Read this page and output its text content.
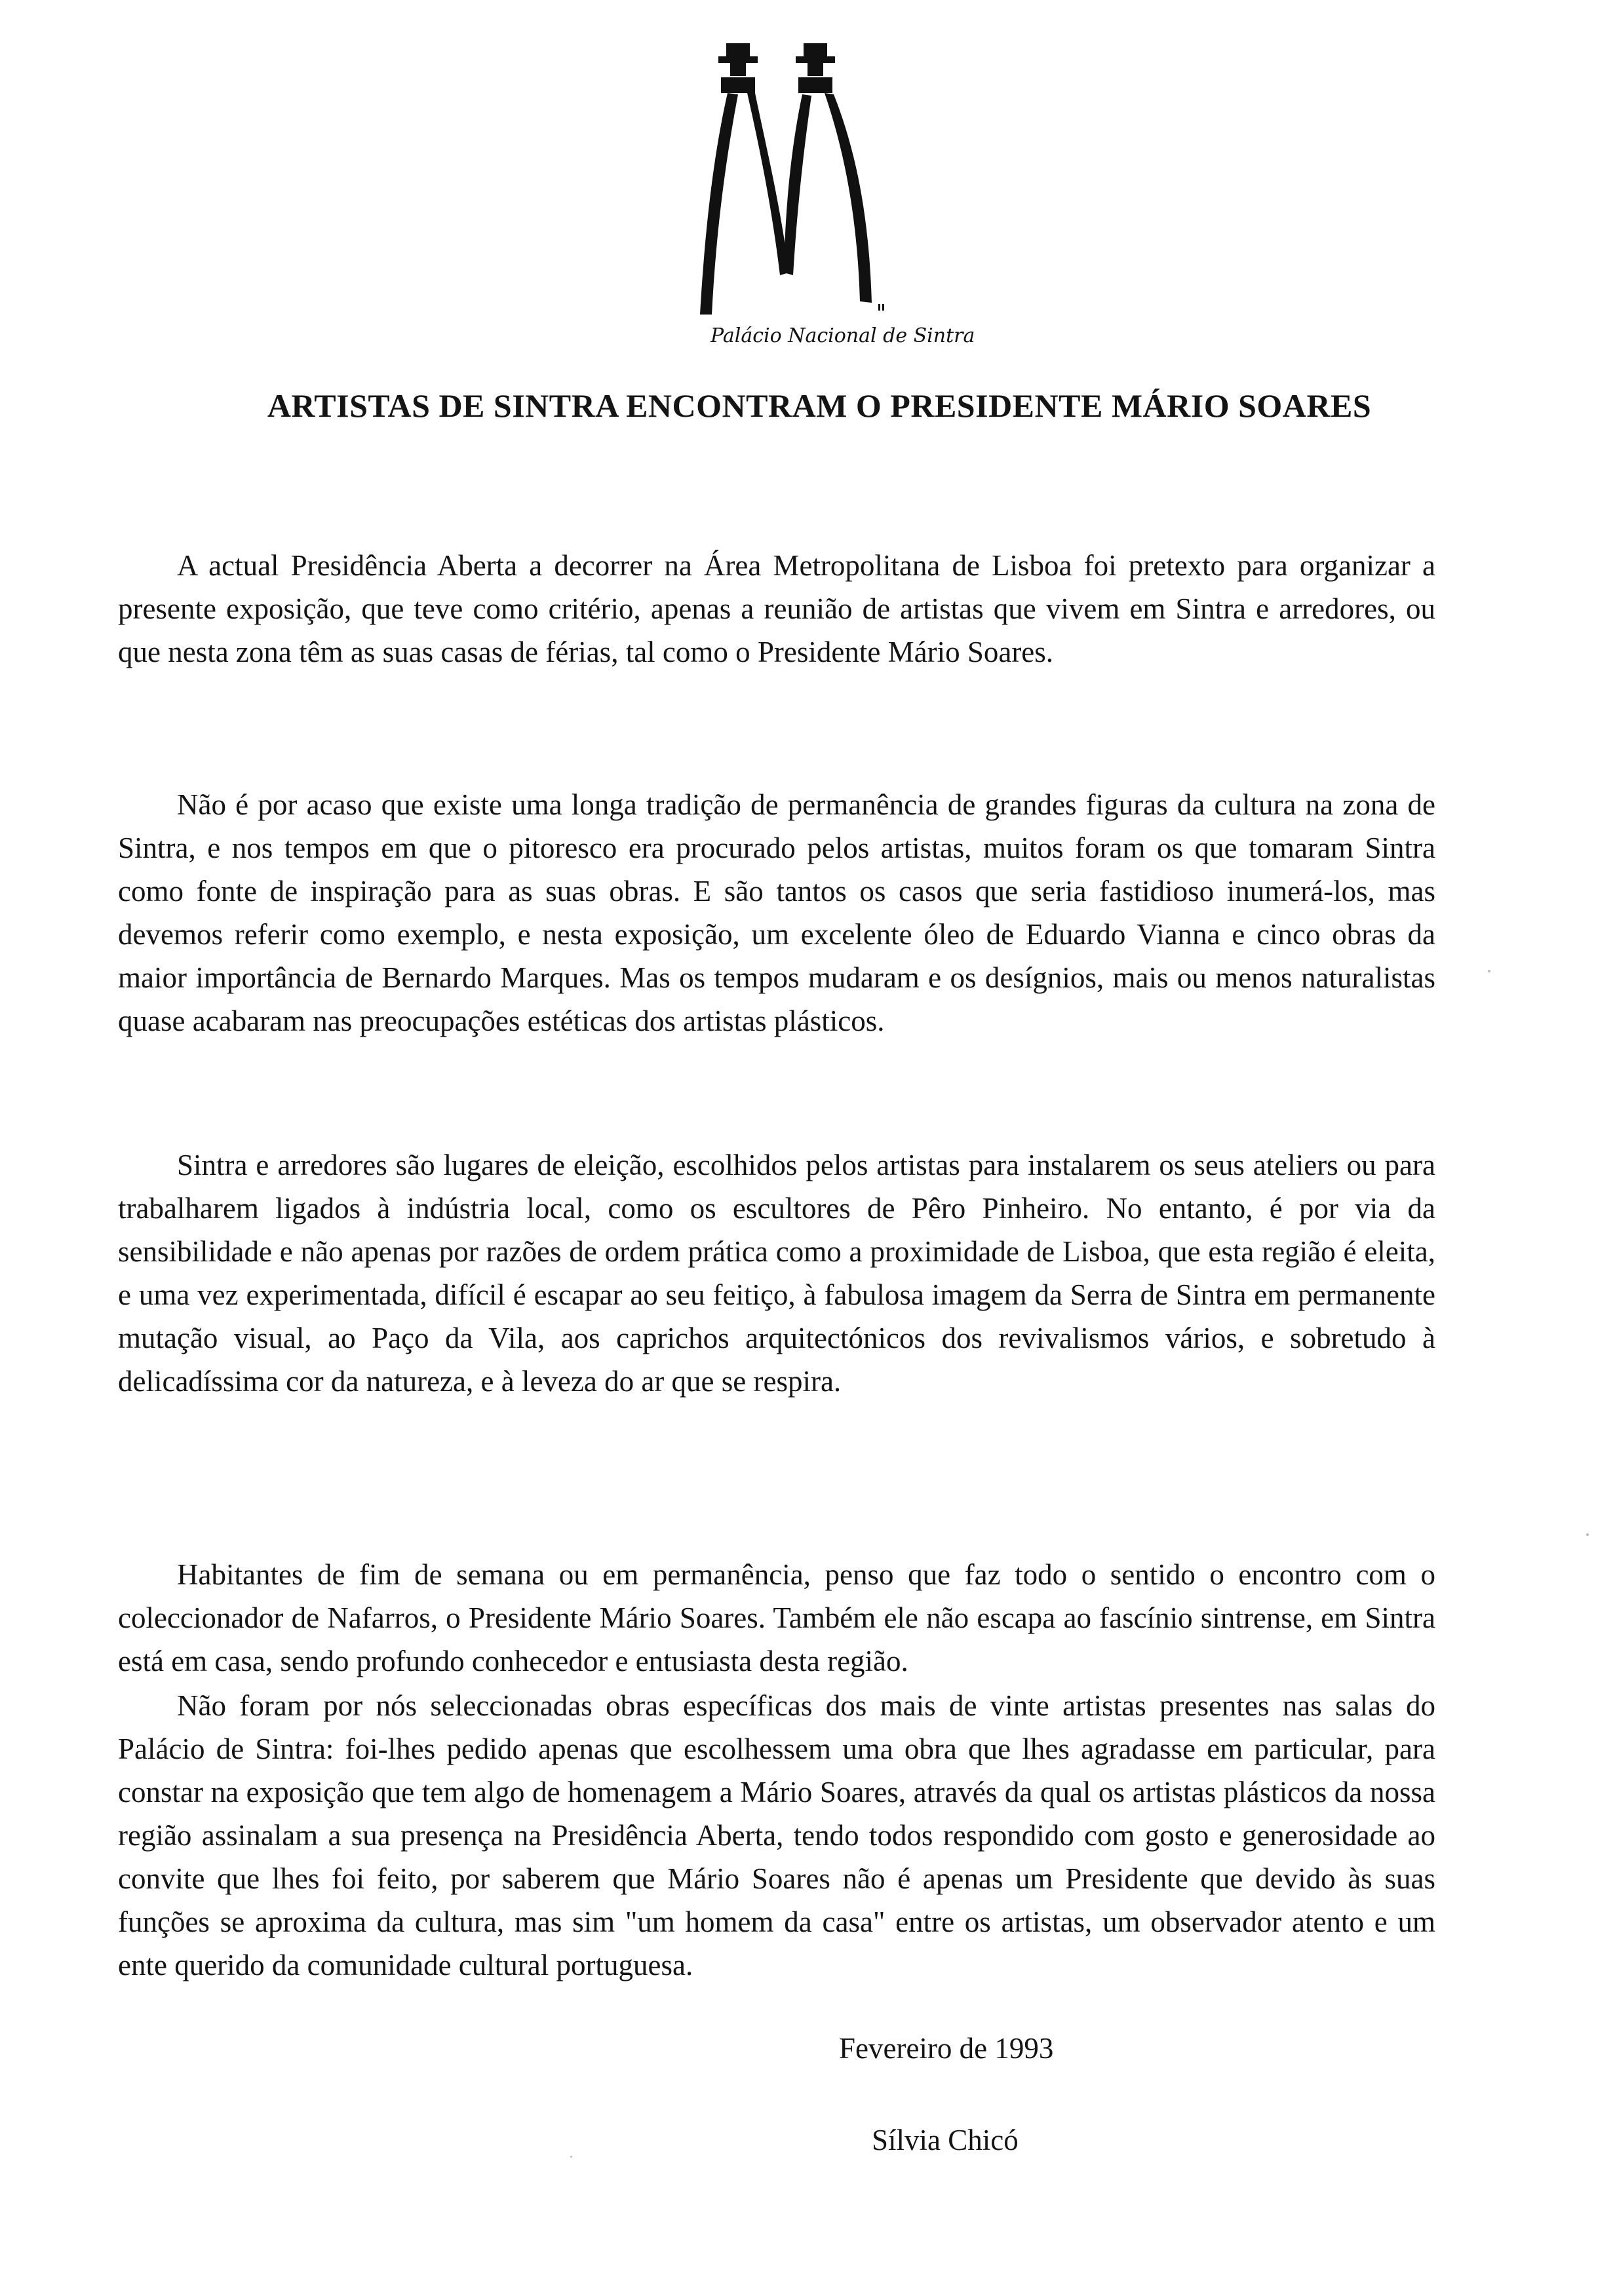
Palácio Nacional de Sintra
ARTISTAS DE SINTRA ENCONTRAM O PRESIDENTE MÁRIO SOARES

A actual Presidência Aberta a decorrer na Área Metropolitana de Lisboa foi pretexto para organizar a presente exposição, que teve como critério, apenas a reunião de artistas que vivem em Sintra e arredores, ou que nesta zona têm as suas casas de férias, tal como o Presidente Mário Soares.

Não é por acaso que existe uma longa tradição de permanência de grandes figuras da cultura na zona de Sintra, e nos tempos em que o pitoresco era procurado pelos artistas, muitos foram os que tomaram Sintra como fonte de inspiração para as suas obras. E são tantos os casos que seria fastidioso inumerá-los, mas devemos referir como exemplo, e nesta exposição, um excelente óleo de Eduardo Vianna e cinco obras da maior importância de Bernardo Marques. Mas os tempos mudaram e os desígnios, mais ou menos naturalistas quase acabaram nas preocupações estéticas dos artistas plásticos.

Sintra e arredores são lugares de eleição, escolhidos pelos artistas para instalarem os seus ateliers ou para trabalharem ligados à indústria local, como os escultores de Pêro Pinheiro. No entanto, é por via da sensibilidade e não apenas por razões de ordem prática como a proximidade de Lisboa, que esta região é eleita, e uma vez experimentada, difícil é escapar ao seu feitiço, à fabulosa imagem da Serra de Sintra em permanente mutação visual, ao Paço da Vila, aos caprichos arquitectónicos dos revivalismos vários, e sobretudo à delicadíssima cor da natureza, e à leveza do ar que se respira.

Habitantes de fim de semana ou em permanência, penso que faz todo o sentido o encontro com o coleccionador de Nafarros, o Presidente Mário Soares. Também ele não escapa ao fascínio sintrense, em Sintra está em casa, sendo profundo conhecedor e entusiasta desta região.

Não foram por nós seleccionadas obras específicas dos mais de vinte artistas presentes nas salas do Palácio de Sintra: foi-lhes pedido apenas que escolhessem uma obra que lhes agradasse em particular, para constar na exposição que tem algo de homenagem a Mário Soares, através da qual os artistas plásticos da nossa região assinalam a sua presença na Presidência Aberta, tendo todos respondido com gosto e generosidade ao convite que lhes foi feito, por saberem que Mário Soares não é apenas um Presidente que devido às suas funções se aproxima da cultura, mas sim "um homem da casa" entre os artistas, um observador atento e um ente querido da comunidade cultural portuguesa.

Fevereiro de 1993

Sílvia Chicó
